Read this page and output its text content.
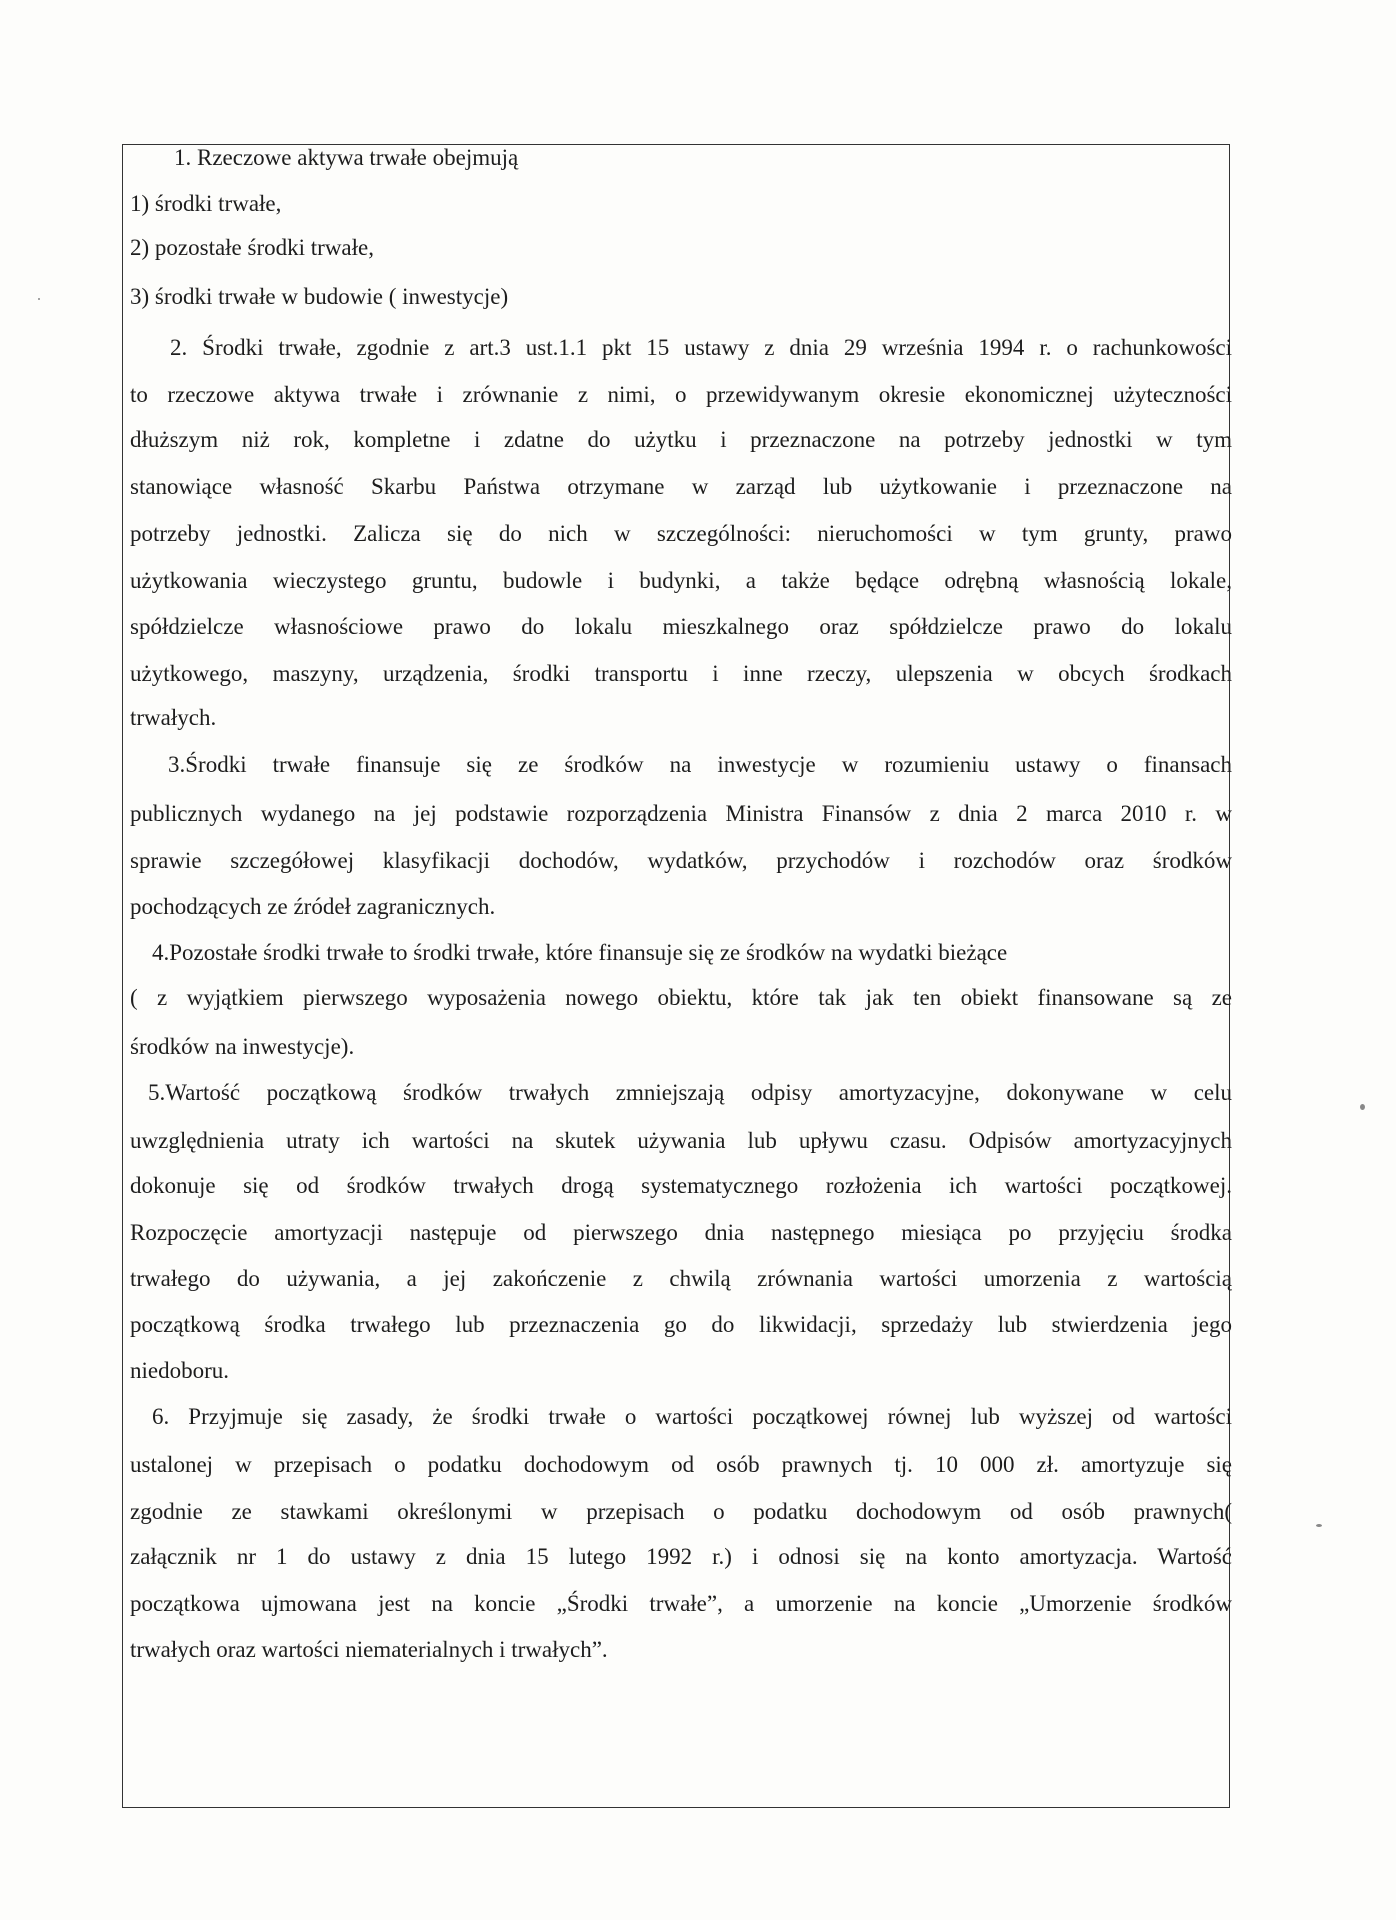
1. Rzeczowe aktywa trwałe obejmują
1) środki trwałe,
2) pozostałe środki trwałe,
3) środki trwałe w budowie ( inwestycje)
2. Środki trwałe, zgodnie z art.3 ust.1.1 pkt 15 ustawy z dnia 29 września 1994 r. o rachunkowości
to rzeczowe aktywa trwałe i zrównanie z nimi, o przewidywanym okresie ekonomicznej użyteczności
dłuższym niż rok, kompletne i zdatne do użytku i przeznaczone na potrzeby jednostki w tym
stanowiące własność Skarbu Państwa otrzymane w zarząd lub użytkowanie i przeznaczone na
potrzeby jednostki. Zalicza się do nich w szczególności: nieruchomości w tym grunty, prawo
użytkowania wieczystego gruntu, budowle i budynki, a także będące odrębną własnością lokale,
spółdzielcze własnościowe prawo do lokalu mieszkalnego oraz spółdzielcze prawo do lokalu
użytkowego, maszyny, urządzenia, środki transportu i inne rzeczy, ulepszenia w obcych środkach
trwałych.
3.Środki trwałe finansuje się ze środków na inwestycje w rozumieniu ustawy o finansach
publicznych wydanego na jej podstawie rozporządzenia Ministra Finansów z dnia 2 marca 2010 r. w
sprawie szczegółowej klasyfikacji dochodów, wydatków, przychodów i rozchodów oraz środków
pochodzących ze źródeł zagranicznych.
4.Pozostałe środki trwałe to środki trwałe, które finansuje się ze środków na wydatki bieżące
( z wyjątkiem pierwszego wyposażenia nowego obiektu, które tak jak ten obiekt finansowane są ze
środków na inwestycje).
5.Wartość początkową środków trwałych zmniejszają odpisy amortyzacyjne, dokonywane w celu
uwzględnienia utraty ich wartości na skutek używania lub upływu czasu. Odpisów amortyzacyjnych
dokonuje się od środków trwałych drogą systematycznego rozłożenia ich wartości początkowej.
Rozpoczęcie amortyzacji następuje od pierwszego dnia następnego miesiąca po przyjęciu środka
trwałego do używania, a jej zakończenie z chwilą zrównania wartości umorzenia z wartością
początkową środka trwałego lub przeznaczenia go do likwidacji, sprzedaży lub stwierdzenia jego
niedoboru.
6. Przyjmuje się zasady, że środki trwałe o wartości początkowej równej lub wyższej od wartości
ustalonej w przepisach o podatku dochodowym od osób prawnych tj. 10 000 zł. amortyzuje się
zgodnie ze stawkami określonymi w przepisach o podatku dochodowym od osób prawnych(
załącznik nr 1 do ustawy z dnia 15 lutego 1992 r.) i odnosi się na konto amortyzacja. Wartość
początkowa ujmowana jest na koncie „Środki trwałe”, a umorzenie na koncie „Umorzenie środków
trwałych oraz wartości niematerialnych i trwałych”.
